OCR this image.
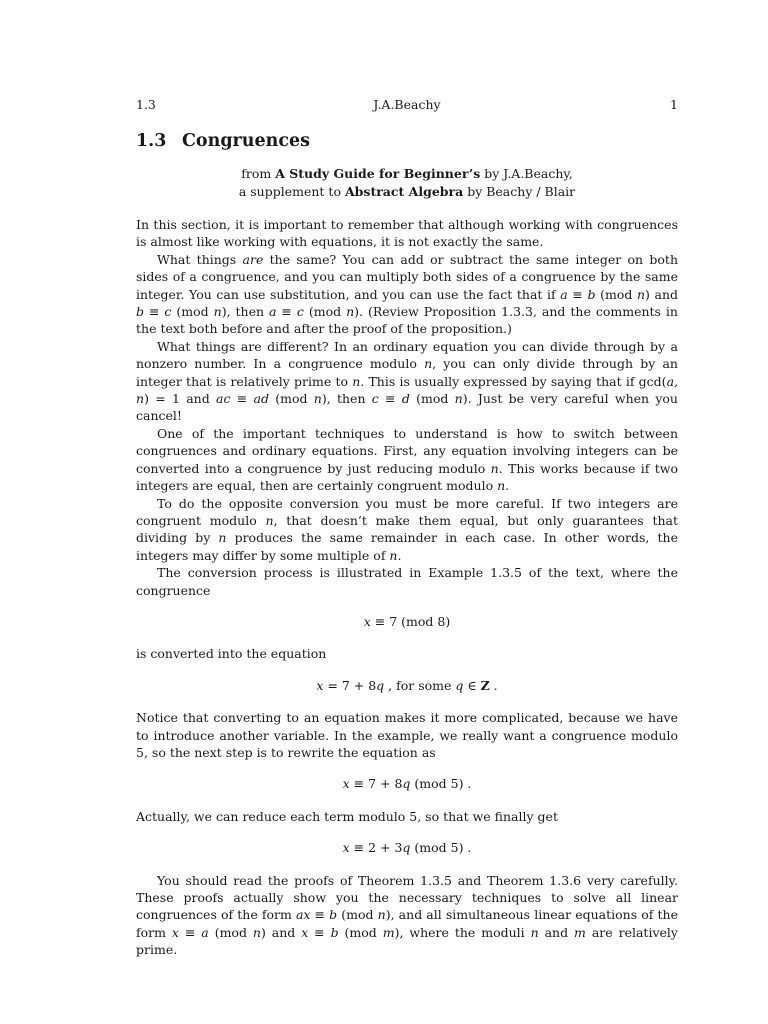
1.3	J.A.Beachy	1
1.3 Congruences
from A Study Guide for Beginner’s by J.A.Beachy,
a supplement to Abstract Algebra by Beachy / Blair

In this section, it is important to remember that although working with congruences is almost like working with equations, it is not exactly the same.

What things are the same? You can add or subtract the same integer on both sides of a congruence, and you can multiply both sides of a congruence by the same integer. You can use substitution, and you can use the fact that if a ≡ b (mod n) and b ≡ c (mod n), then a ≡ c (mod n). (Review Proposition 1.3.3, and the comments in the text both before and after the proof of the proposition.)

What things are different? In an ordinary equation you can divide through by a nonzero number. In a congruence modulo n, you can only divide through by an integer that is relatively prime to n. This is usually expressed by saying that if gcd(a, n) = 1 and ac ≡ ad (mod n), then c ≡ d (mod n). Just be very careful when you cancel!

One of the important techniques to understand is how to switch between congruences and ordinary equations. First, any equation involving integers can be converted into a congruence by just reducing modulo n. This works because if two integers are equal, then are certainly congruent modulo n.

To do the opposite conversion you must be more careful. If two integers are congruent modulo n, that doesn’t make them equal, but only guarantees that dividing by n produces the same remainder in each case. In other words, the integers may differ by some multiple of n.

The conversion process is illustrated in Example 1.3.5 of the text, where the congruence

x ≡ 7 (mod 8)

is converted into the equation

x = 7 + 8q , for some q ∈ Z .

Notice that converting to an equation makes it more complicated, because we have to introduce another variable. In the example, we really want a congruence modulo 5, so the next step is to rewrite the equation as

x ≡ 7 + 8q (mod 5) .

Actually, we can reduce each term modulo 5, so that we finally get

x ≡ 2 + 3q (mod 5) .

You should read the proofs of Theorem 1.3.5 and Theorem 1.3.6 very carefully. These proofs actually show you the necessary techniques to solve all linear congruences of the form ax ≡ b (mod n), and all simultaneous linear equations of the form x ≡ a (mod n) and x ≡ b (mod m), where the moduli n and m are relatively prime.
